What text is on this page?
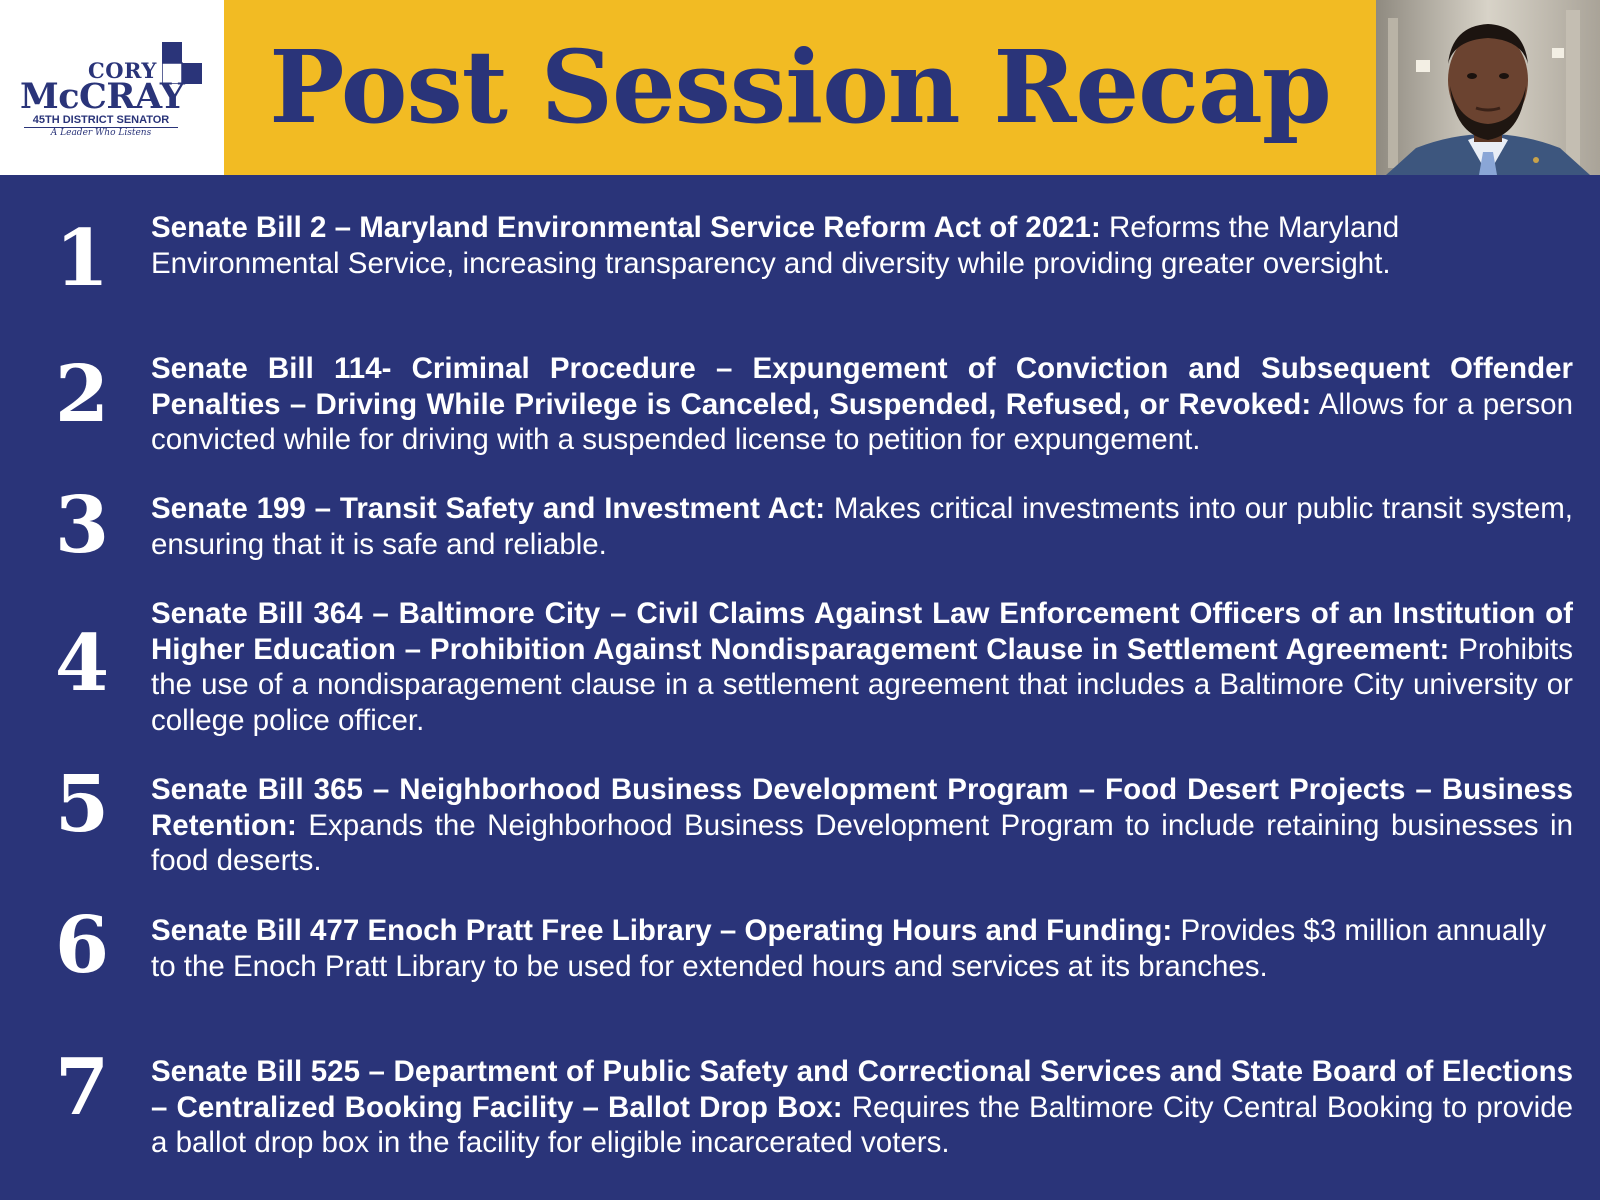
CORY
McCRAY
45TH DISTRICT SENATOR
A Leader Who Listens	Post Session Recap
1 Senate Bill 2 – Maryland Environmental Service Reform Act of 2021: Reforms the Maryland Environmental Service, increasing transparency and diversity while providing greater oversight.
2 Senate Bill 114- Criminal Procedure – Expungement of Conviction and Subsequent Offender Penalties – Driving While Privilege is Canceled, Suspended, Refused, or Revoked: Allows for a person convicted while for driving with a suspended license to petition for expungement.
3 Senate 199 – Transit Safety and Investment Act: Makes critical investments into our public transit system, ensuring that it is safe and reliable.
4
Senate Bill 364 – Baltimore City – Civil Claims Against Law Enforcement Officers of an Institution of Higher Education – Prohibition Against Nondisparagement Clause in Settlement Agreement: Prohibits the use of a nondisparagement clause in a settlement agreement that includes a Baltimore City university or college police officer.
5 Senate Bill 365 – Neighborhood Business Development Program – Food Desert Projects – Business Retention: Expands the Neighborhood Business Development Program to include retaining businesses in food deserts.
6 Senate Bill 477 Enoch Pratt Free Library – Operating Hours and Funding: Provides $3 million annually to the Enoch Pratt Library to be used for extended hours and services at its branches.
7 Senate Bill 525 – Department of Public Safety and Correctional Services and State Board of Elections – Centralized Booking Facility – Ballot Drop Box: Requires the Baltimore City Central Booking to provide a ballot drop box in the facility for eligible incarcerated voters.
